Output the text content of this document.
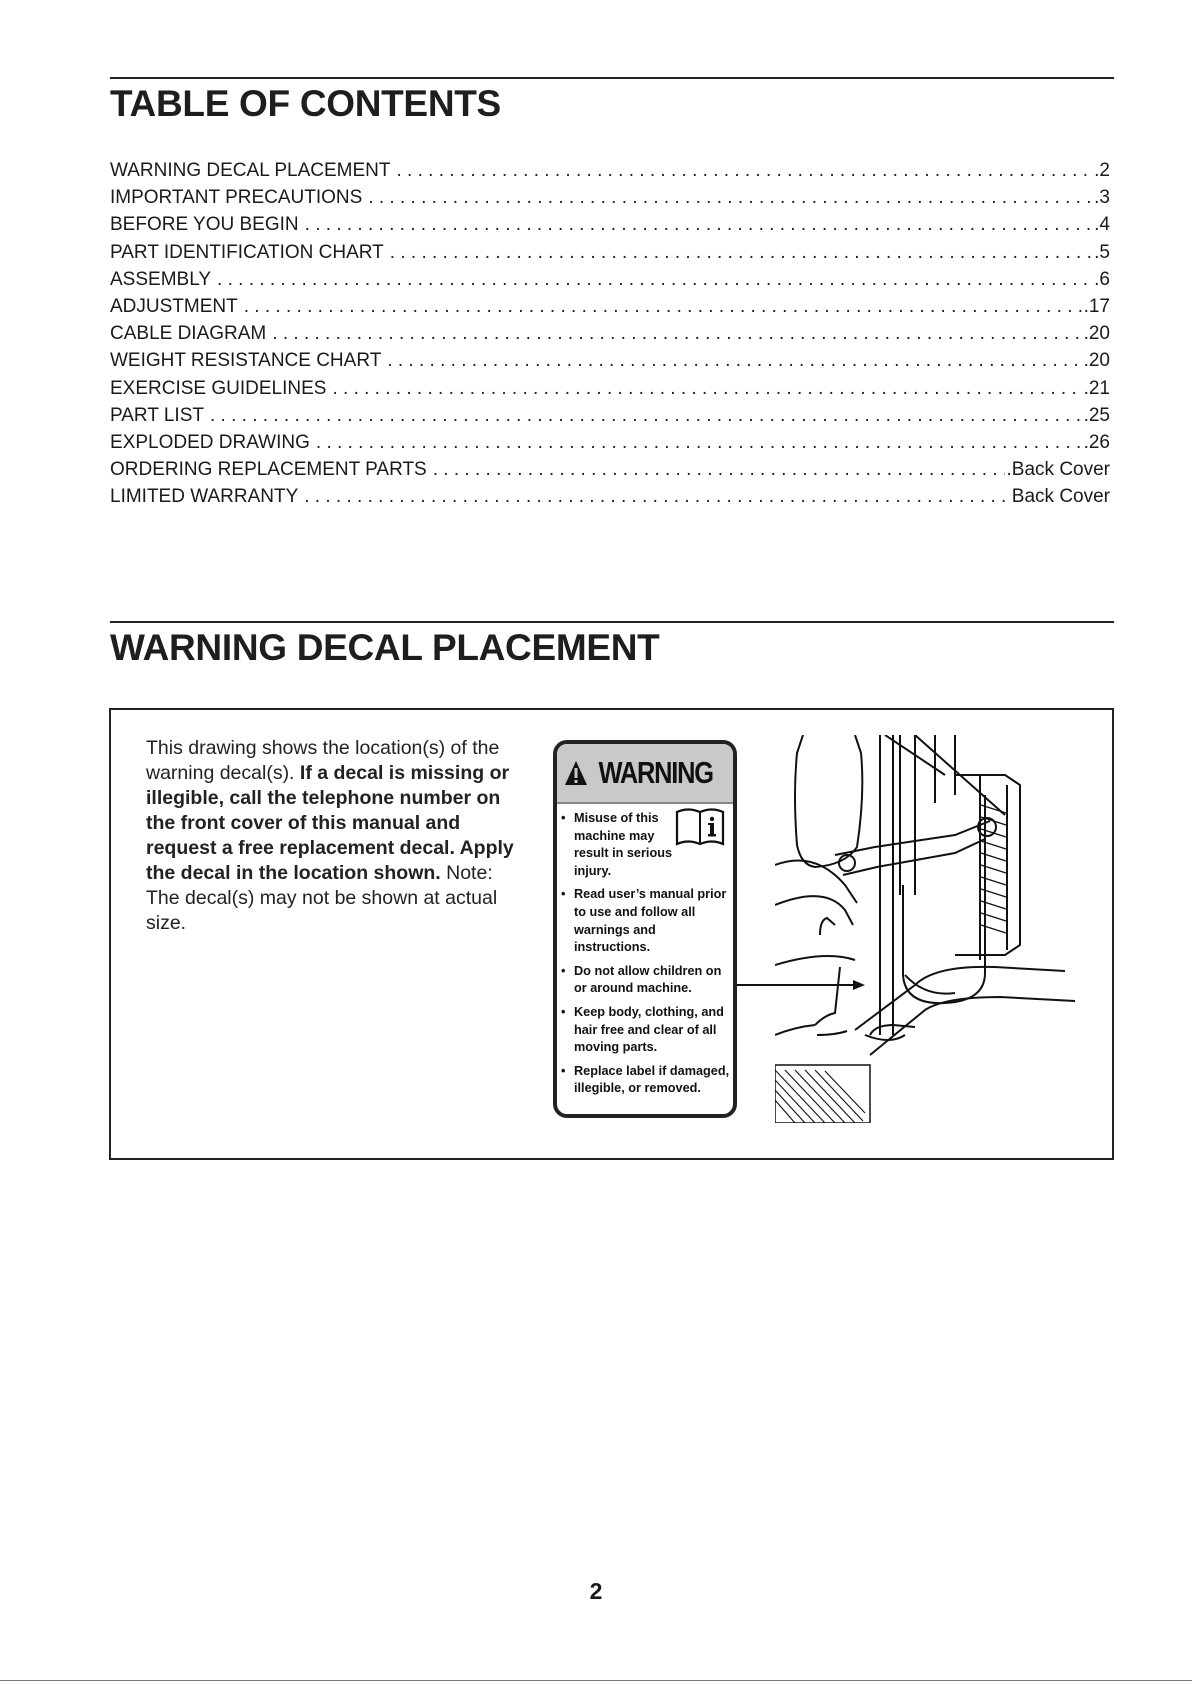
TABLE OF CONTENTS
WARNING DECAL PLACEMENT . . .	.2
IMPORTANT PRECAUTIONS . . .	.3
BEFORE YOU BEGIN . . .	.4
PART IDENTIFICATION CHART . . .	.5
ASSEMBLY . . .	.6
ADJUSTMENT . . .	.17
CABLE DIAGRAM . . .	.20
WEIGHT RESISTANCE CHART . . .	.20
EXERCISE GUIDELINES . . .	.21
PART LIST . . .	.25
EXPLODED DRAWING . . .	.26
ORDERING REPLACEMENT PARTS . . .	.Back Cover
LIMITED WARRANTY . . .	Back Cover
WARNING DECAL PLACEMENT
This drawing shows the location(s) of the warning decal(s). If a decal is missing or illegible, call the telephone number on the front cover of this manual and request a free replacement decal. Apply the decal in the location shown. Note: The decal(s) may not be shown at actual size.
WARNING
• Misuse of this machine may result in serious injury.
• Read user’s manual prior to use and follow all warnings and instructions.
• Do not allow children on or around machine.
• Keep body, clothing, and hair free and clear of all moving parts.
• Replace label if damaged, illegible, or removed.
2
